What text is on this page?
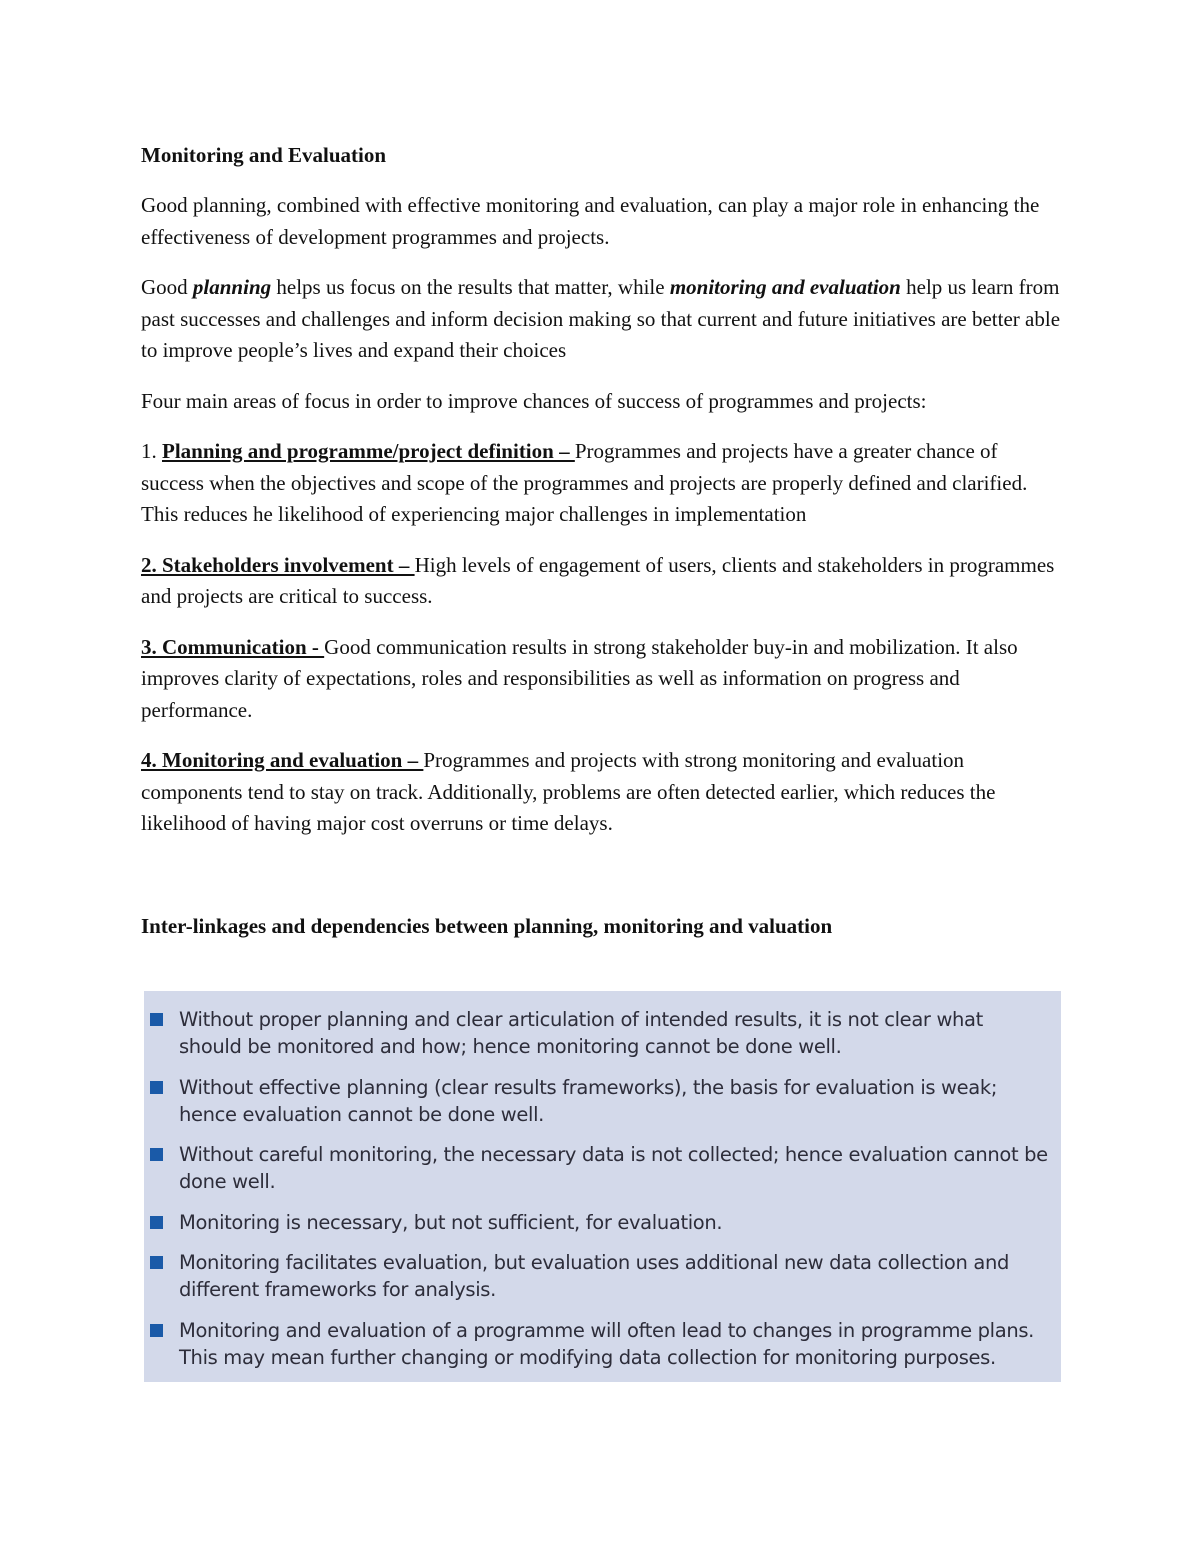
Monitoring and Evaluation
Good planning, combined with effective monitoring and evaluation, can play a major role in enhancing the effectiveness of development programmes and projects.
Good planning helps us focus on the results that matter, while monitoring and evaluation help us learn from past successes and challenges and inform decision making so that current and future initiatives are better able to improve people’s lives and expand their choices
Four main areas of focus in order to improve chances of success of programmes and projects:
1. Planning and programme/project definition – Programmes and projects have a greater chance of success when the objectives and scope of the programmes and projects are properly defined and clarified. This reduces he likelihood of experiencing major challenges in implementation
2. Stakeholders involvement – High levels of engagement of users, clients and stakeholders in programmes and projects are critical to success.
3. Communication - Good communication results in strong stakeholder buy-in and mobilization. It also improves clarity of expectations, roles and responsibilities as well as information on progress and performance.
4. Monitoring and evaluation – Programmes and projects with strong monitoring and evaluation components tend to stay on track. Additionally, problems are often detected earlier, which reduces the likelihood of having major cost overruns or time delays.
Inter-linkages and dependencies between planning, monitoring and valuation
Without proper planning and clear articulation of intended results, it is not clear what should be monitored and how; hence monitoring cannot be done well.
Without effective planning (clear results frameworks), the basis for evaluation is weak; hence evaluation cannot be done well.
Without careful monitoring, the necessary data is not collected; hence evaluation cannot be done well.
Monitoring is necessary, but not sufficient, for evaluation.
Monitoring facilitates evaluation, but evaluation uses additional new data collection and different frameworks for analysis.
Monitoring and evaluation of a programme will often lead to changes in programme plans. This may mean further changing or modifying data collection for monitoring purposes.
